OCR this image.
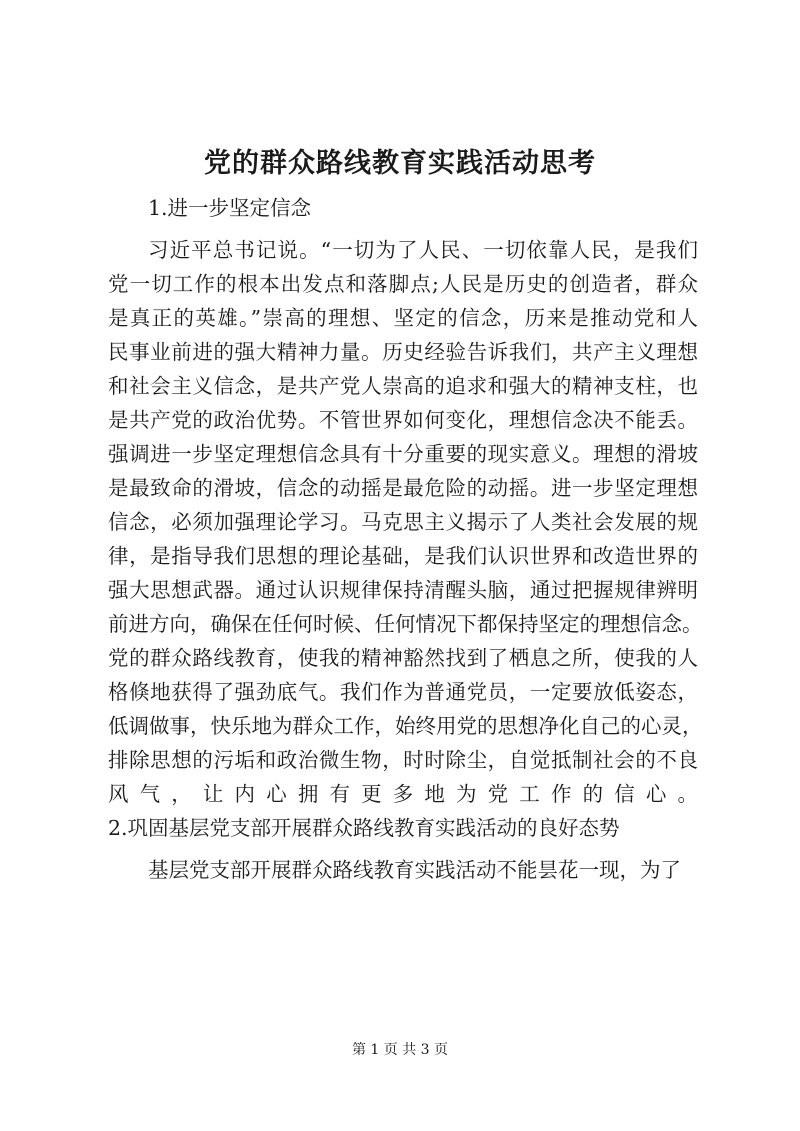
党的群众路线教育实践活动思考

1.进一步坚定信念

习近平总书记说。“一切为了人民、一切依靠人民，是我们

党一切工作的根本出发点和落脚点;人民是历史的创造者，群众

是真正的英雄。”崇高的理想、坚定的信念，历来是推动党和人

民事业前进的强大精神力量。历史经验告诉我们，共产主义理想

和社会主义信念，是共产党人崇高的追求和强大的精神支柱，也

是共产党的政治优势。不管世界如何变化，理想信念决不能丢。

强调进一步坚定理想信念具有十分重要的现实意义。理想的滑坡

是最致命的滑坡，信念的动摇是最危险的动摇。进一步坚定理想

信念，必须加强理论学习。马克思主义揭示了人类社会发展的规

律，是指导我们思想的理论基础，是我们认识世界和改造世界的

强大思想武器。通过认识规律保持清醒头脑，通过把握规律辨明

前进方向，确保在任何时候、任何情况下都保持坚定的理想信念。

党的群众路线教育，使我的精神豁然找到了栖息之所，使我的人

格倏地获得了强劲底气。我们作为普通党员，一定要放低姿态，

低调做事，快乐地为群众工作，始终用党的思想净化自己的心灵，

排除思想的污垢和政治微生物，时时除尘，自觉抵制社会的不良

风气，让内心拥有更多地为党工作的信心。

2.巩固基层党支部开展群众路线教育实践活动的良好态势

基层党支部开展群众路线教育实践活动不能昙花一现，为了

第 1 页 共 3 页
